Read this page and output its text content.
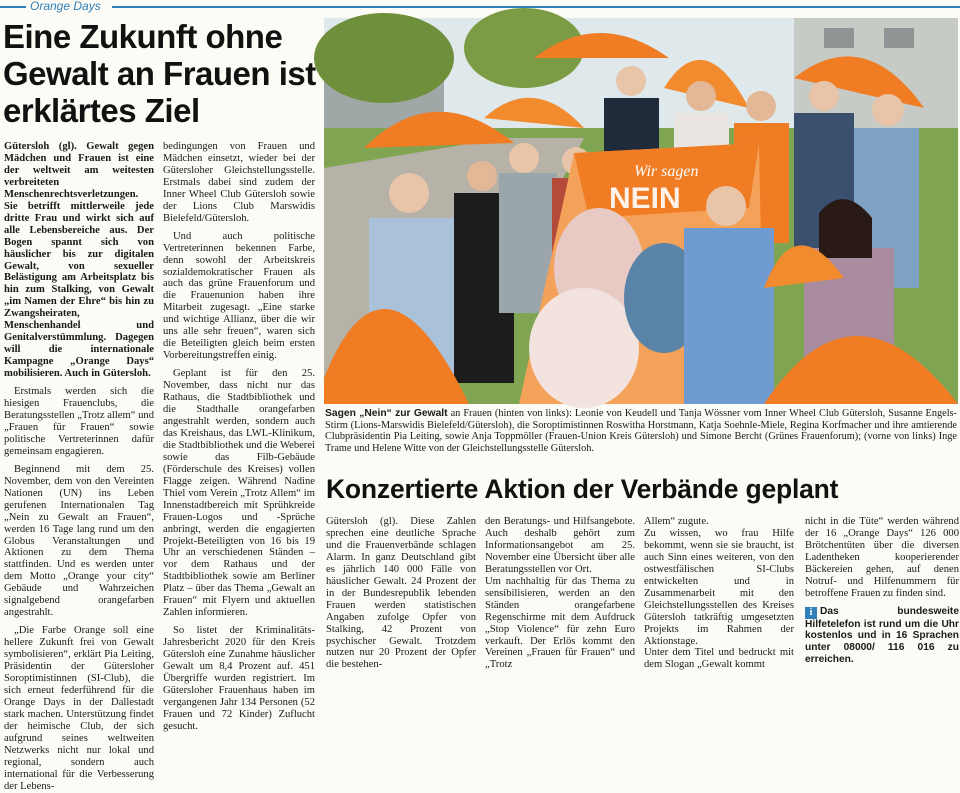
Orange Days
Eine Zukunft ohne Gewalt an Frauen ist erklärtes Ziel

Gütersloh (gl). Gewalt gegen Mädchen und Frauen ist eine der weltweit am weitesten verbreiteten Menschenrechtsverletzungen. Sie betrifft mittlerweile jede dritte Frau und wirkt sich auf alle Lebensbereiche aus. Der Bogen spannt sich von häuslicher bis zur digitalen Gewalt, von sexueller Belästigung am Arbeitsplatz bis hin zum Stalking, von Gewalt „im Namen der Ehre“ bis hin zu Zwangsheiraten, Menschenhandel und Genitalverstümmlung. Dagegen will die internationale Kampagne „Orange Days“ mobilisieren. Auch in Gütersloh.

Erstmals werden sich die hiesigen Frauenclubs, die Beratungsstellen „Trotz allem“ und „Frauen für Frauen“ sowie politische Vertreterinnen dafür gemeinsam engagieren.

Beginnend mit dem 25. November, dem von den Vereinten Nationen (UN) ins Leben gerufenen Internationalen Tag „Nein zu Gewalt an Frauen“, werden 16 Tage lang rund um den Globus Veranstaltungen und Aktionen zu dem Thema stattfinden. Und es werden unter dem Motto „Orange your city“ Gebäude und Wahrzeichen signalgebend orangefarben angestrahlt.

„Die Farbe Orange soll eine hellere Zukunft frei von Gewalt symbolisieren“, erklärt Pia Leiting, Präsidentin der Gütersloher Soroptimistinnen (SI-Club), die sich erneut federführend für die Orange Days in der Dallestadt stark machen. Unterstützung findet der heimische Club, der sich aufgrund seines weltweiten Netzwerks nicht nur lokal und regional, sondern auch international für die Verbesserung der Lebens-

bedingungen von Frauen und Mädchen einsetzt, wieder bei der Gütersloher Gleichstellungsstelle. Erstmals dabei sind zudem der Inner Wheel Club Gütersloh sowie der Lions Club Marswidis Bielefeld/Gütersloh.

Und auch politische Vertreterinnen bekennen Farbe, denn sowohl der Arbeitskreis sozialdemokratischer Frauen als auch das grüne Frauenforum und die Frauenunion haben ihre Mitarbeit zugesagt. „Eine starke und wichtige Allianz, über die wir uns alle sehr freuen“, waren sich die Beteiligten gleich beim ersten Vorbereitungstreffen einig.

Geplant ist für den 25. November, dass nicht nur das Rathaus, die Stadtbibliothek und die Stadthalle orangefarben angestrahlt werden, sondern auch das Kreishaus, das LWL-Klinikum, die Stadtbibliothek und die Weberei sowie das Filb-Gebäude (Förderschule des Kreises) vollen Flagge zeigen. Während Nadine Thiel vom Verein „Trotz Allem“ im Innenstadtbereich mit Sprühkreide Frauen-Logos und -Sprüche anbringt, werden die engagierten Projekt-Beteiligten von 16 bis 19 Uhr an verschiedenen Ständen – vor dem Rathaus und der Stadtbibliothek sowie am Berliner Platz – über das Thema „Gewalt an Frauen“ mit Flyern und aktuellen Zahlen informieren.

So listet der Kriminalitäts-Jahresbericht 2020 für den Kreis Gütersloh eine Zunahme häuslicher Gewalt um 8,4 Prozent auf. 451 Übergriffe wurden registriert. Im Gütersloher Frauenhaus haben im vergangenen Jahr 134 Personen (52 Frauen und 72 Kinder) Zuflucht gesucht.

Wir sagen
NEIN

Sagen „Nein“ zur Gewalt an Frauen (hinten von links): Leonie von Keudell und Tanja Wössner vom Inner Wheel Club Gütersloh, Susanne Engels-Stirm (Lions-Marswidis Bielefeld/Gütersloh), die Soroptimistinnen Roswitha Horstmann, Katja Soehnle-Miele, Regina Korfmacher und ihre amtierende Clubpräsidentin Pia Leiting, sowie Anja Toppmöller (Frauen-Union Kreis Gütersloh) und Simone Bercht (Grünes Frauenforum); (vorne von links) Inge Trame und Helene Witte von der Gleichstellungsstelle Gütersloh.

Konzertierte Aktion der Verbände geplant

Gütersloh (gl). Diese Zahlen sprechen eine deutliche Sprache und die Frauenverbände schlagen Alarm. In ganz Deutschland gibt es jährlich 140 000 Fälle von häuslicher Gewalt. 24 Prozent der in der Bundesrepublik lebenden Frauen werden statistischen Angaben zufolge Opfer von Stalking, 42 Prozent von psychischer Gewalt. Trotzdem nutzen nur 20 Prozent der Opfer die bestehen-

den Beratungs- und Hilfsangebote. Auch deshalb gehört zum Informationsangebot am 25. November eine Übersicht über alle Beratungsstellen vor Ort.
Um nachhaltig für das Thema zu sensibilisieren, werden an den Ständen orangefarbene Regenschirme mit dem Aufdruck „Stop Violence“ für zehn Euro verkauft. Der Erlös kommt den Vereinen „Frauen für Frauen“ und „Trotz

Allem“ zugute.
Zu wissen, wo frau Hilfe bekommt, wenn sie sie braucht, ist auch Sinn eines weiteren, von den ostwestfälischen SI-Clubs entwickelten und in Zusammenarbeit mit den Gleichstellungsstellen des Kreises Gütersloh tatkräftig umgesetzten Projekts im Rahmen der Aktionstage.
Unter dem Titel und bedruckt mit dem Slogan „Gewalt kommt

nicht in die Tüte“ werden während der 16 „Orange Days“ 126 000 Brötchentüten über die diversen Ladentheken kooperierender Bäckereien gehen, auf denen Notruf- und Hilfenummern für betroffene Frauen zu finden sind.

i Das bundesweite Hilfetelefon ist rund um die Uhr kostenlos und in 16 Sprachen unter 08000/ 116 016 zu erreichen.
